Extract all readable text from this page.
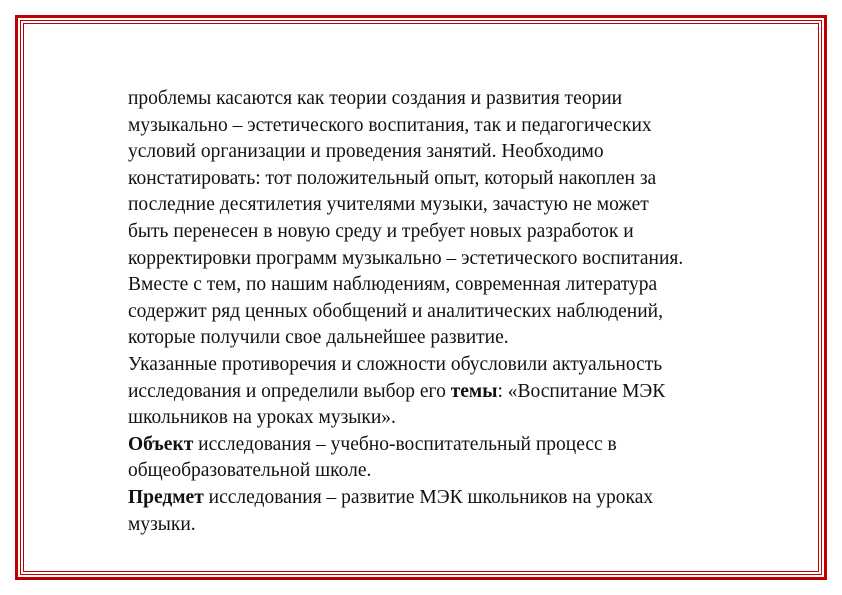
проблемы касаются как теории создания и развития теории
музыкально – эстетического воспитания, так и педагогических
условий организации и проведения занятий. Необходимо
констатировать: тот положительный опыт, который накоплен за
последние десятилетия учителями музыки, зачастую не может
быть перенесен в новую среду и требует новых разработок и
корректировки программ музыкально – эстетического воспитания.
Вместе с тем, по нашим наблюдениям, современная литература
содержит ряд ценных обобщений и аналитических наблюдений,
которые получили свое дальнейшее развитие.
Указанные противоречия и сложности обусловили актуальность
исследования и определили выбор его темы: «Воспитание МЭК
школьников на уроках музыки».
Объект исследования – учебно-воспитательный процесс в
общеобразовательной школе.
Предмет исследования – развитие МЭК школьников на уроках
музыки.
